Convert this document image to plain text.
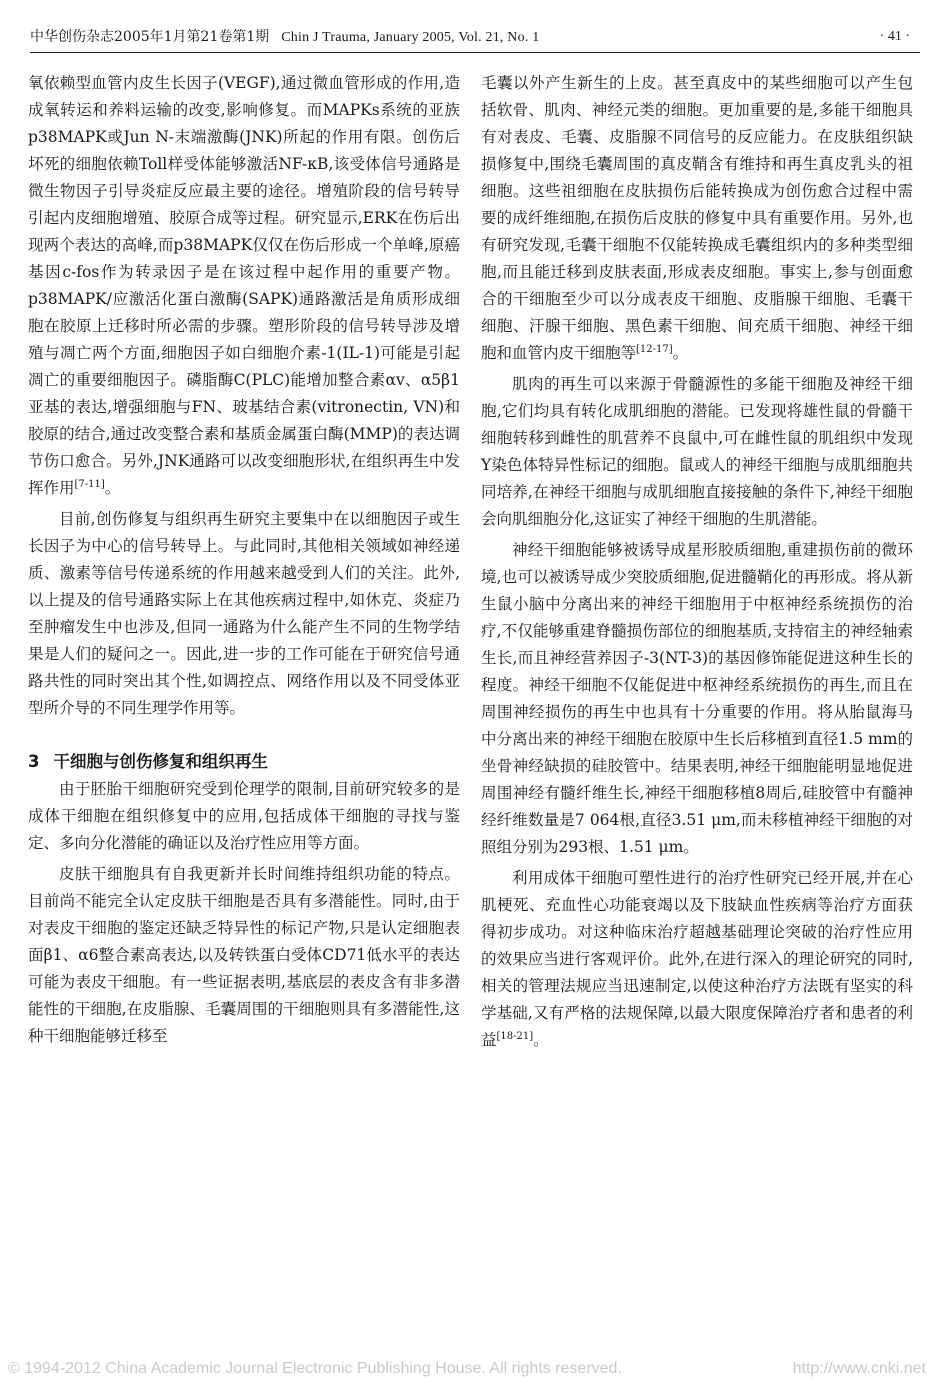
中华创伤杂志2005年1月第21卷第1期 Chin J Trauma, January 2005, Vol. 21, No. 1	· 41 ·

氧依赖型血管内皮生长因子(VEGF),通过微血管形成的作用,造成氧转运和养料运输的改变,影响修复。而MAPKs系统的亚族p38MAPK或Jun N-末端激酶(JNK)所起的作用有限。创伤后坏死的细胞依赖Toll样受体能够激活NF-κB,该受体信号通路是微生物因子引导炎症反应最主要的途径。增殖阶段的信号转导引起内皮细胞增殖、胶原合成等过程。研究显示,ERK在伤后出现两个表达的高峰,而p38MAPK仅仅在伤后形成一个单峰,原癌基因c-fos作为转录因子是在该过程中起作用的重要产物。p38MAPK/应激活化蛋白激酶(SAPK)通路激活是角质形成细胞在胶原上迁移时所必需的步骤。塑形阶段的信号转导涉及增殖与凋亡两个方面,细胞因子如白细胞介素-1(IL-1)可能是引起凋亡的重要细胞因子。磷脂酶C(PLC)能增加整合素αv、α5β1亚基的表达,增强细胞与FN、玻基结合素(vitronectin, VN)和胶原的结合,通过改变整合素和基质金属蛋白酶(MMP)的表达调节伤口愈合。另外,JNK通路可以改变细胞形状,在组织再生中发挥作用[7-11]。

目前,创伤修复与组织再生研究主要集中在以细胞因子或生长因子为中心的信号转导上。与此同时,其他相关领域如神经递质、激素等信号传递系统的作用越来越受到人们的关注。此外,以上提及的信号通路实际上在其他疾病过程中,如休克、炎症乃至肿瘤发生中也涉及,但同一通路为什么能产生不同的生物学结果是人们的疑问之一。因此,进一步的工作可能在于研究信号通路共性的同时突出其个性,如调控点、网络作用以及不同受体亚型所介导的不同生理学作用等。

3 干细胞与创伤修复和组织再生

由于胚胎干细胞研究受到伦理学的限制,目前研究较多的是成体干细胞在组织修复中的应用,包括成体干细胞的寻找与鉴定、多向分化潜能的确证以及治疗性应用等方面。

皮肤干细胞具有自我更新并长时间维持组织功能的特点。目前尚不能完全认定皮肤干细胞是否具有多潜能性。同时,由于对表皮干细胞的鉴定还缺乏特异性的标记产物,只是认定细胞表面β1、α6整合素高表达,以及转铁蛋白受体CD71低水平的表达可能为表皮干细胞。有一些证据表明,基底层的表皮含有非多潜能性的干细胞,在皮脂腺、毛囊周围的干细胞则具有多潜能性,这种干细胞能够迁移至

毛囊以外产生新生的上皮。甚至真皮中的某些细胞可以产生包括软骨、肌肉、神经元类的细胞。更加重要的是,多能干细胞具有对表皮、毛囊、皮脂腺不同信号的反应能力。在皮肤组织缺损修复中,围绕毛囊周围的真皮鞘含有维持和再生真皮乳头的祖细胞。这些祖细胞在皮肤损伤后能转换成为创伤愈合过程中需要的成纤维细胞,在损伤后皮肤的修复中具有重要作用。另外,也有研究发现,毛囊干细胞不仅能转换成毛囊组织内的多种类型细胞,而且能迁移到皮肤表面,形成表皮细胞。事实上,参与创面愈合的干细胞至少可以分成表皮干细胞、皮脂腺干细胞、毛囊干细胞、汗腺干细胞、黑色素干细胞、间充质干细胞、神经干细胞和血管内皮干细胞等[12-17]。

肌肉的再生可以来源于骨髓源性的多能干细胞及神经干细胞,它们均具有转化成肌细胞的潜能。已发现将雄性鼠的骨髓干细胞转移到雌性的肌营养不良鼠中,可在雌性鼠的肌组织中发现Y染色体特异性标记的细胞。鼠或人的神经干细胞与成肌细胞共同培养,在神经干细胞与成肌细胞直接接触的条件下,神经干细胞会向肌细胞分化,这证实了神经干细胞的生肌潜能。

神经干细胞能够被诱导成星形胶质细胞,重建损伤前的微环境,也可以被诱导成少突胶质细胞,促进髓鞘化的再形成。将从新生鼠小脑中分离出来的神经干细胞用于中枢神经系统损伤的治疗,不仅能够重建脊髓损伤部位的细胞基质,支持宿主的神经轴索生长,而且神经营养因子-3(NT-3)的基因修饰能促进这种生长的程度。神经干细胞不仅能促进中枢神经系统损伤的再生,而且在周围神经损伤的再生中也具有十分重要的作用。将从胎鼠海马中分离出来的神经干细胞在胶原中生长后移植到直径1.5 mm的坐骨神经缺损的硅胶管中。结果表明,神经干细胞能明显地促进周围神经有髓纤维生长,神经干细胞移植8周后,硅胶管中有髓神经纤维数量是7 064根,直径3.51 μm,而未移植神经干细胞的对照组分别为293根、1.51 μm。

利用成体干细胞可塑性进行的治疗性研究已经开展,并在心肌梗死、充血性心功能衰竭以及下肢缺血性疾病等治疗方面获得初步成功。对这种临床治疗超越基础理论突破的治疗性应用的效果应当进行客观评价。此外,在进行深入的理论研究的同时,相关的管理法规应当迅速制定,以使这种治疗方法既有坚实的科学基础,又有严格的法规保障,以最大限度保障治疗者和患者的利益[18-21]。

© 1994-2012 China Academic Journal Electronic Publishing House. All rights reserved.	http://www.cnki.net
